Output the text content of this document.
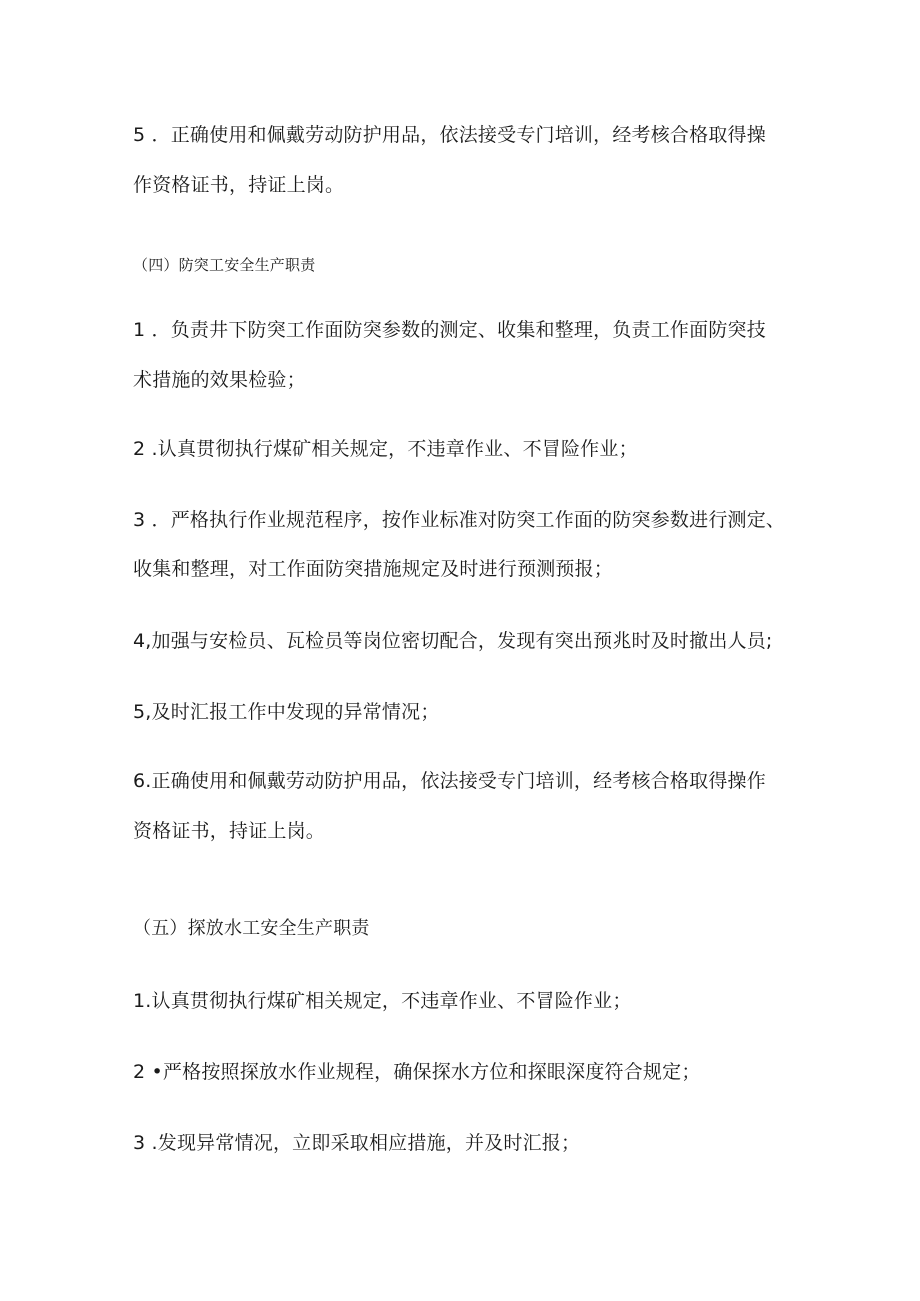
5 ．正确使用和佩戴劳动防护用品，依法接受专门培训，经考核合格取得操
作资格证书，持证上岗。
（四）防突工安全生产职责
1 ．负责井下防突工作面防突参数的测定、收集和整理，负责工作面防突技
术措施的效果检验；
2 .认真贯彻执行煤矿相关规定，不违章作业、不冒险作业；
3 ．严格执行作业规范程序，按作业标准对防突工作面的防突参数进行测定、
收集和整理，对工作面防突措施规定及时进行预测预报；
4,加强与安检员、瓦检员等岗位密切配合，发现有突出预兆时及时撤出人员;
5,及时汇报工作中发现的异常情况；
6.正确使用和佩戴劳动防护用品，依法接受专门培训，经考核合格取得操作
资格证书，持证上岗。
（五）探放水工安全生产职责
1.认真贯彻执行煤矿相关规定，不违章作业、不冒险作业；
2 •严格按照探放水作业规程，确保探水方位和探眼深度符合规定；
3 .发现异常情况，立即采取相应措施，并及时汇报；
